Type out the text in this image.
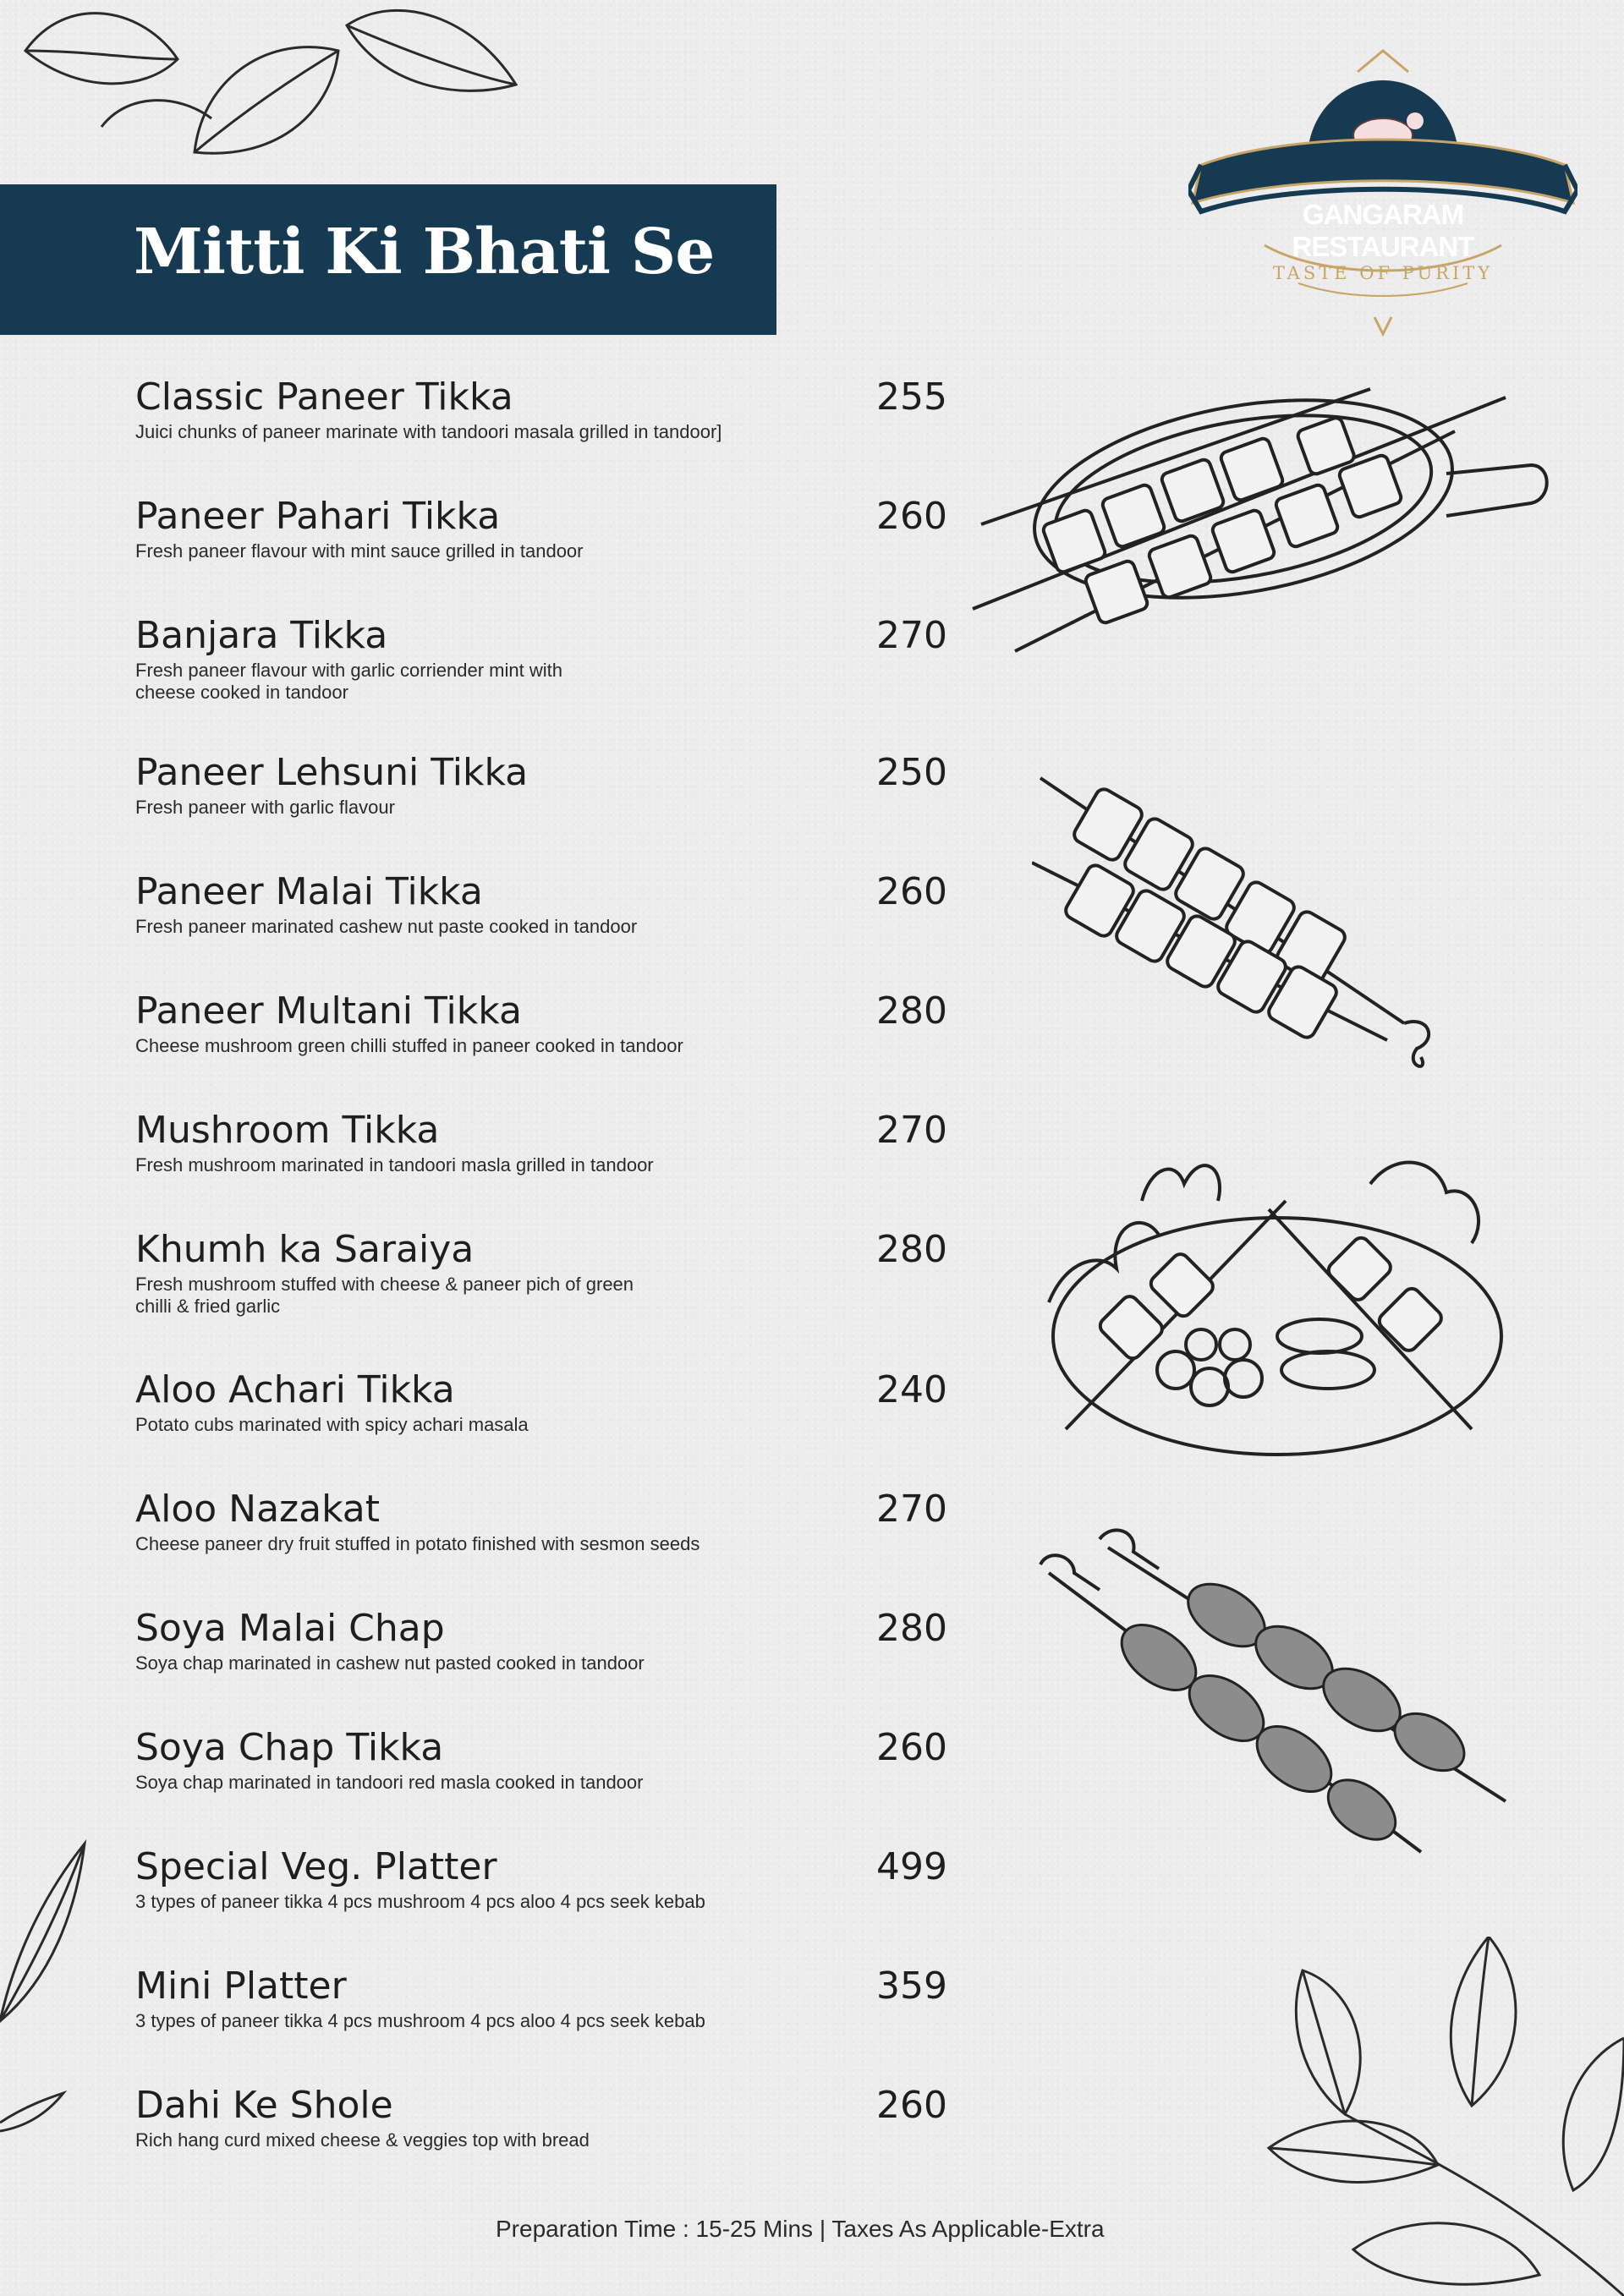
GANGARAM RESTAURANT
TASTE OF PURITY
Mitti Ki Bhati Se
Classic Paneer Tikka
Juici chunks of paneer marinate with tandoori masala grilled in tandoor]
255
Paneer Pahari Tikka
Fresh paneer flavour with mint sauce grilled in tandoor
260
Banjara Tikka
Fresh paneer flavour with garlic corriender mint with cheese cooked in tandoor
270
Paneer Lehsuni Tikka
Fresh paneer with garlic flavour
250
Paneer Malai Tikka
Fresh paneer marinated cashew nut paste cooked in tandoor
260
Paneer Multani Tikka
Cheese mushroom green chilli stuffed in paneer cooked in tandoor
280
Mushroom Tikka
Fresh mushroom marinated in tandoori masla grilled in tandoor
270
Khumh ka Saraiya
Fresh mushroom stuffed with cheese & paneer pich of green chilli & fried garlic
280
Aloo Achari Tikka
Potato cubs marinated with spicy achari masala
240
Aloo Nazakat
Cheese paneer dry fruit stuffed in potato finished with sesmon seeds
270
Soya Malai Chap
Soya chap marinated in cashew nut pasted cooked in tandoor
280
Soya Chap Tikka
Soya chap marinated in tandoori red masla cooked in tandoor
260
Special Veg. Platter
3 types of paneer tikka 4 pcs mushroom 4 pcs aloo 4 pcs seek kebab
499
Mini Platter
3 types of paneer tikka 4 pcs mushroom 4 pcs aloo 4 pcs seek kebab
359
Dahi Ke Shole
Rich hang curd mixed cheese & veggies top with bread
260
Preparation Time : 15-25 Mins | Taxes As Applicable-Extra
